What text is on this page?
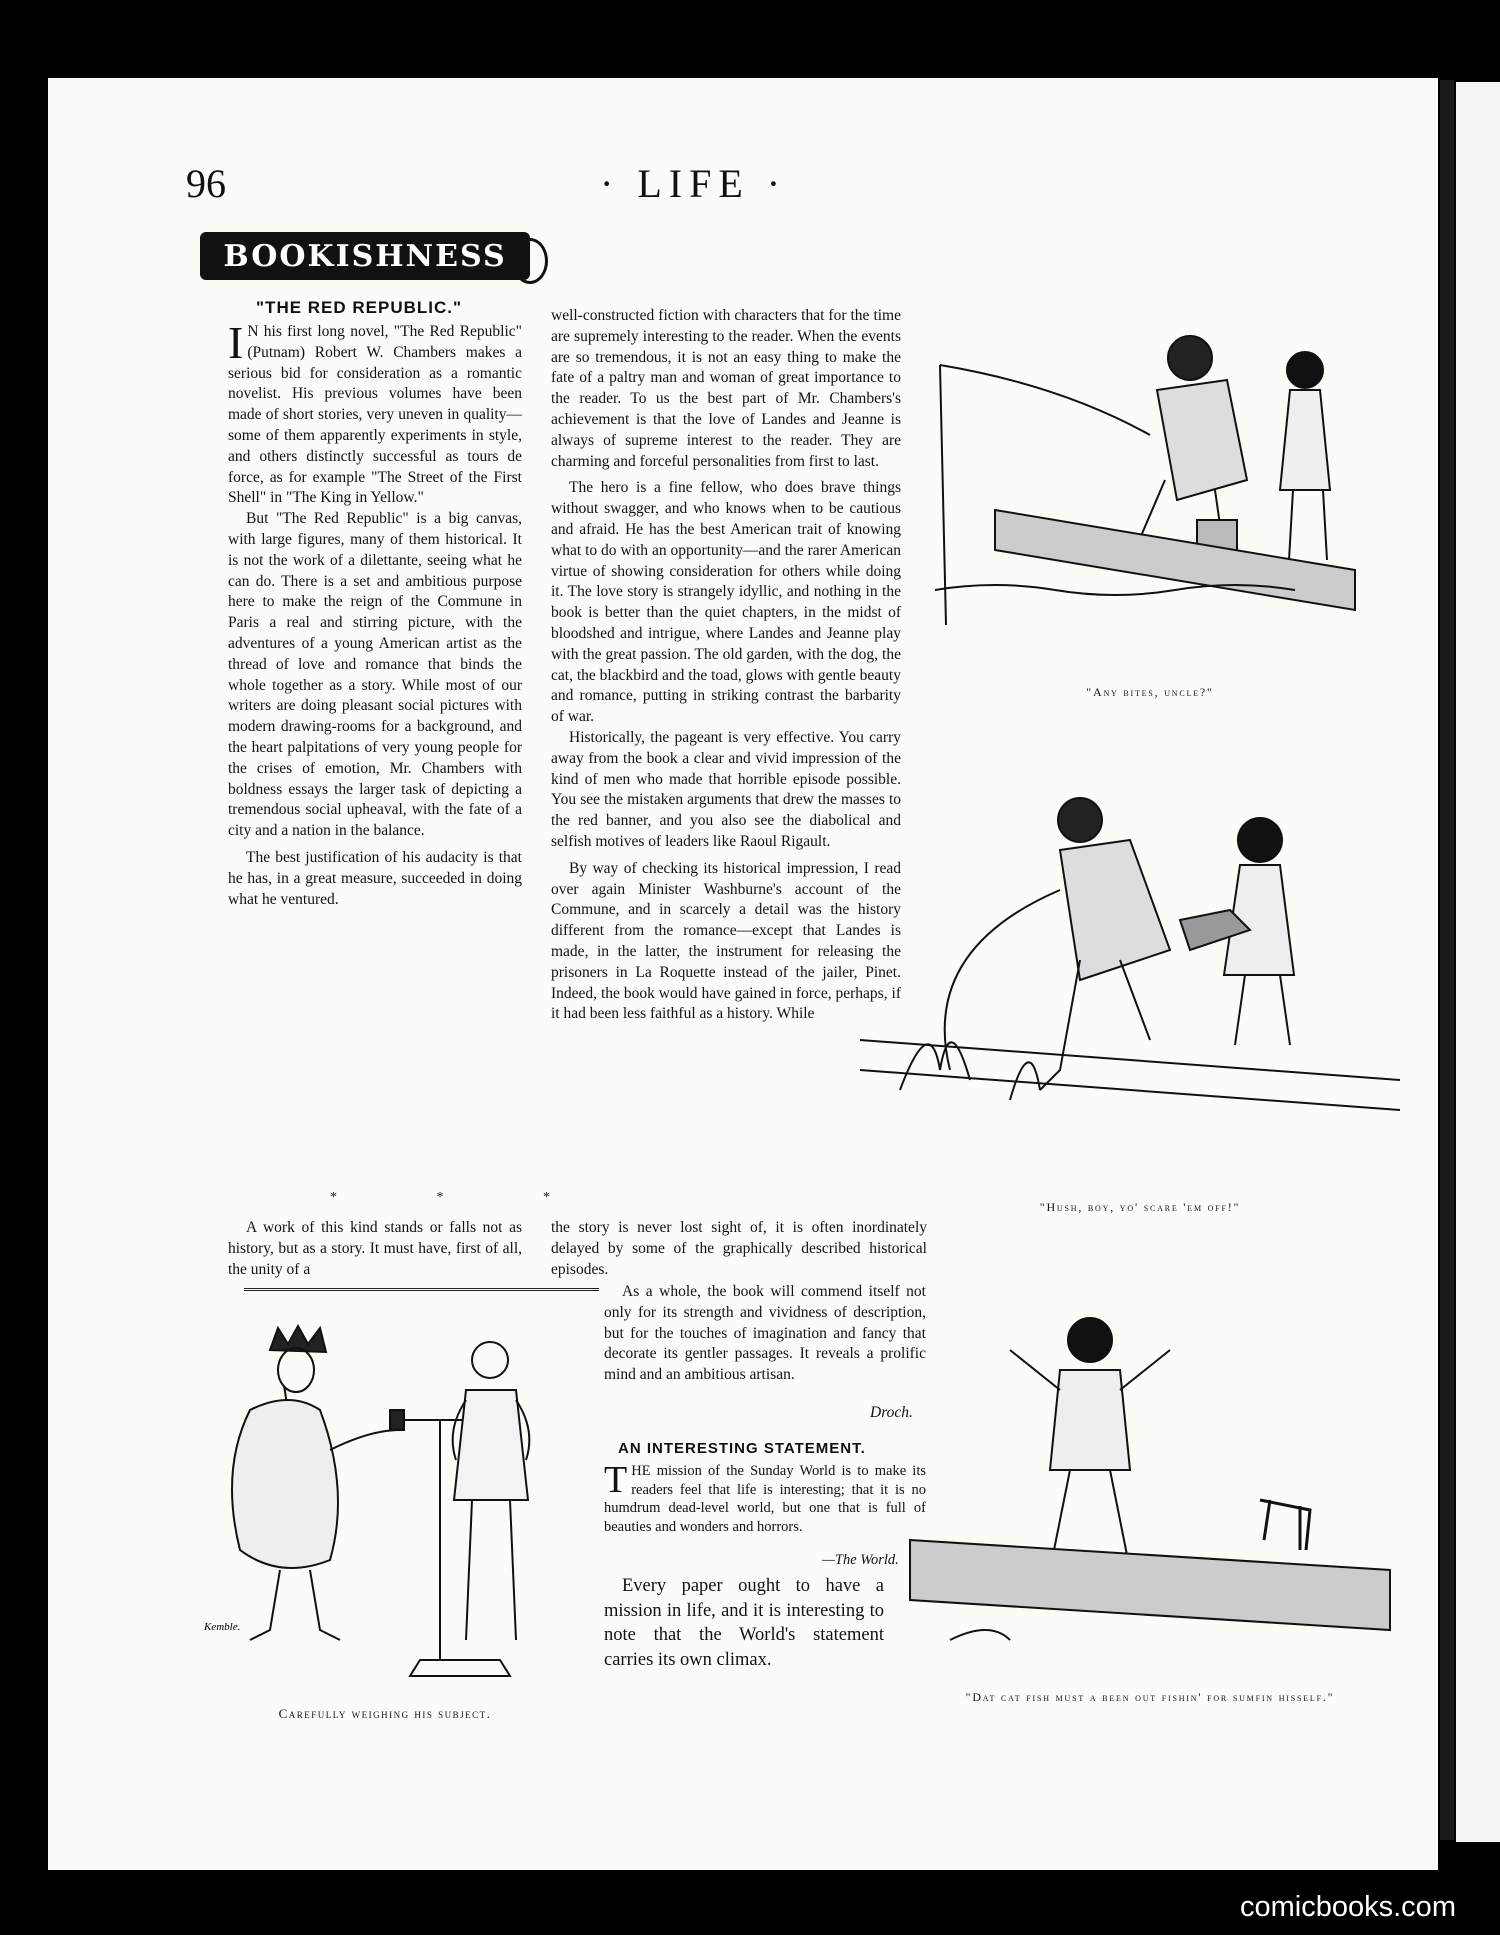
96	· LIFE ·
BOOKISHNESS
"THE RED REPUBLIC."

I N his first long novel, "The Red Republic" (Putnam) Robert W. Chambers makes a serious bid for consideration as a romantic novelist. His previous volumes have been made of short stories, very uneven in quality—some of them apparently experiments in style, and others distinctly successful as tours de force, as for example "The Street of the First Shell" in "The King in Yellow."

But "The Red Republic" is a big canvas, with large figures, many of them historical. It is not the work of a dilettante, seeing what he can do. There is a set and ambitious purpose here to make the reign of the Commune in Paris a real and stirring picture, with the adventures of a young American artist as the thread of love and romance that binds the whole together as a story. While most of our writers are doing pleasant social pictures with modern drawing-rooms for a background, and the heart palpitations of very young people for the crises of emotion, Mr. Chambers with boldness essays the larger task of depicting a tremendous social upheaval, with the fate of a city and a nation in the balance.

The best justification of his audacity is that he has, in a great measure, succeeded in doing what he ventured.

* * *

A work of this kind stands or falls not as history, but as a story. It must have, first of all, the unity of a

well-constructed fiction with characters that for the time are supremely interesting to the reader. When the events are so tremendous, it is not an easy thing to make the fate of a paltry man and woman of great importance to the reader. To us the best part of Mr. Chambers's achievement is that the love of Landes and Jeanne is always of supreme interest to the reader. They are charming and forceful personalities from first to last.

The hero is a fine fellow, who does brave things without swagger, and who knows when to be cautious and afraid. He has the best American trait of knowing what to do with an opportunity—and the rarer American virtue of showing consideration for others while doing it. The love story is strangely idyllic, and nothing in the book is better than the quiet chapters, in the midst of bloodshed and intrigue, where Landes and Jeanne play with the great passion. The old garden, with the dog, the cat, the blackbird and the toad, glows with gentle beauty and romance, putting in striking contrast the barbarity of war.

Historically, the pageant is very effective. You carry away from the book a clear and vivid impression of the kind of men who made that horrible episode possible. You see the mistaken arguments that drew the masses to the red banner, and you also see the diabolical and selfish motives of leaders like Raoul Rigault.

By way of checking its historical impression, I read over again Minister Washburne's account of the Commune, and in scarcely a detail was the history different from the romance—except that Landes is made, in the latter, the instrument for releasing the prisoners in La Roquette instead of the jailer, Pinet. Indeed, the book would have gained in force, perhaps, if it had been less faithful as a history. While

the story is never lost sight of, it is often inordinately delayed by some of the graphically described historical episodes.

As a whole, the book will commend itself not only for its strength and vividness of description, but for the touches of imagination and fancy that decorate its gentler passages. It reveals a prolific mind and an ambitious artisan.

Droch.
AN INTERESTING STATEMENT.

THE mission of the Sunday World is to make its readers feel that life is interesting; that it is no humdrum dead-level world, but one that is full of beauties and wonders and horrors.

—The World.

Every paper ought to have a mission in life, and it is interesting to note that the World's statement carries its own climax.

Kemble.
Carefully weighing his subject.
"Any bites, uncle?"
"Hush, boy, yo' scare 'em off!"
"Dat cat fish must a been out fishin' for sumfin hisself."
comicbooks.com
